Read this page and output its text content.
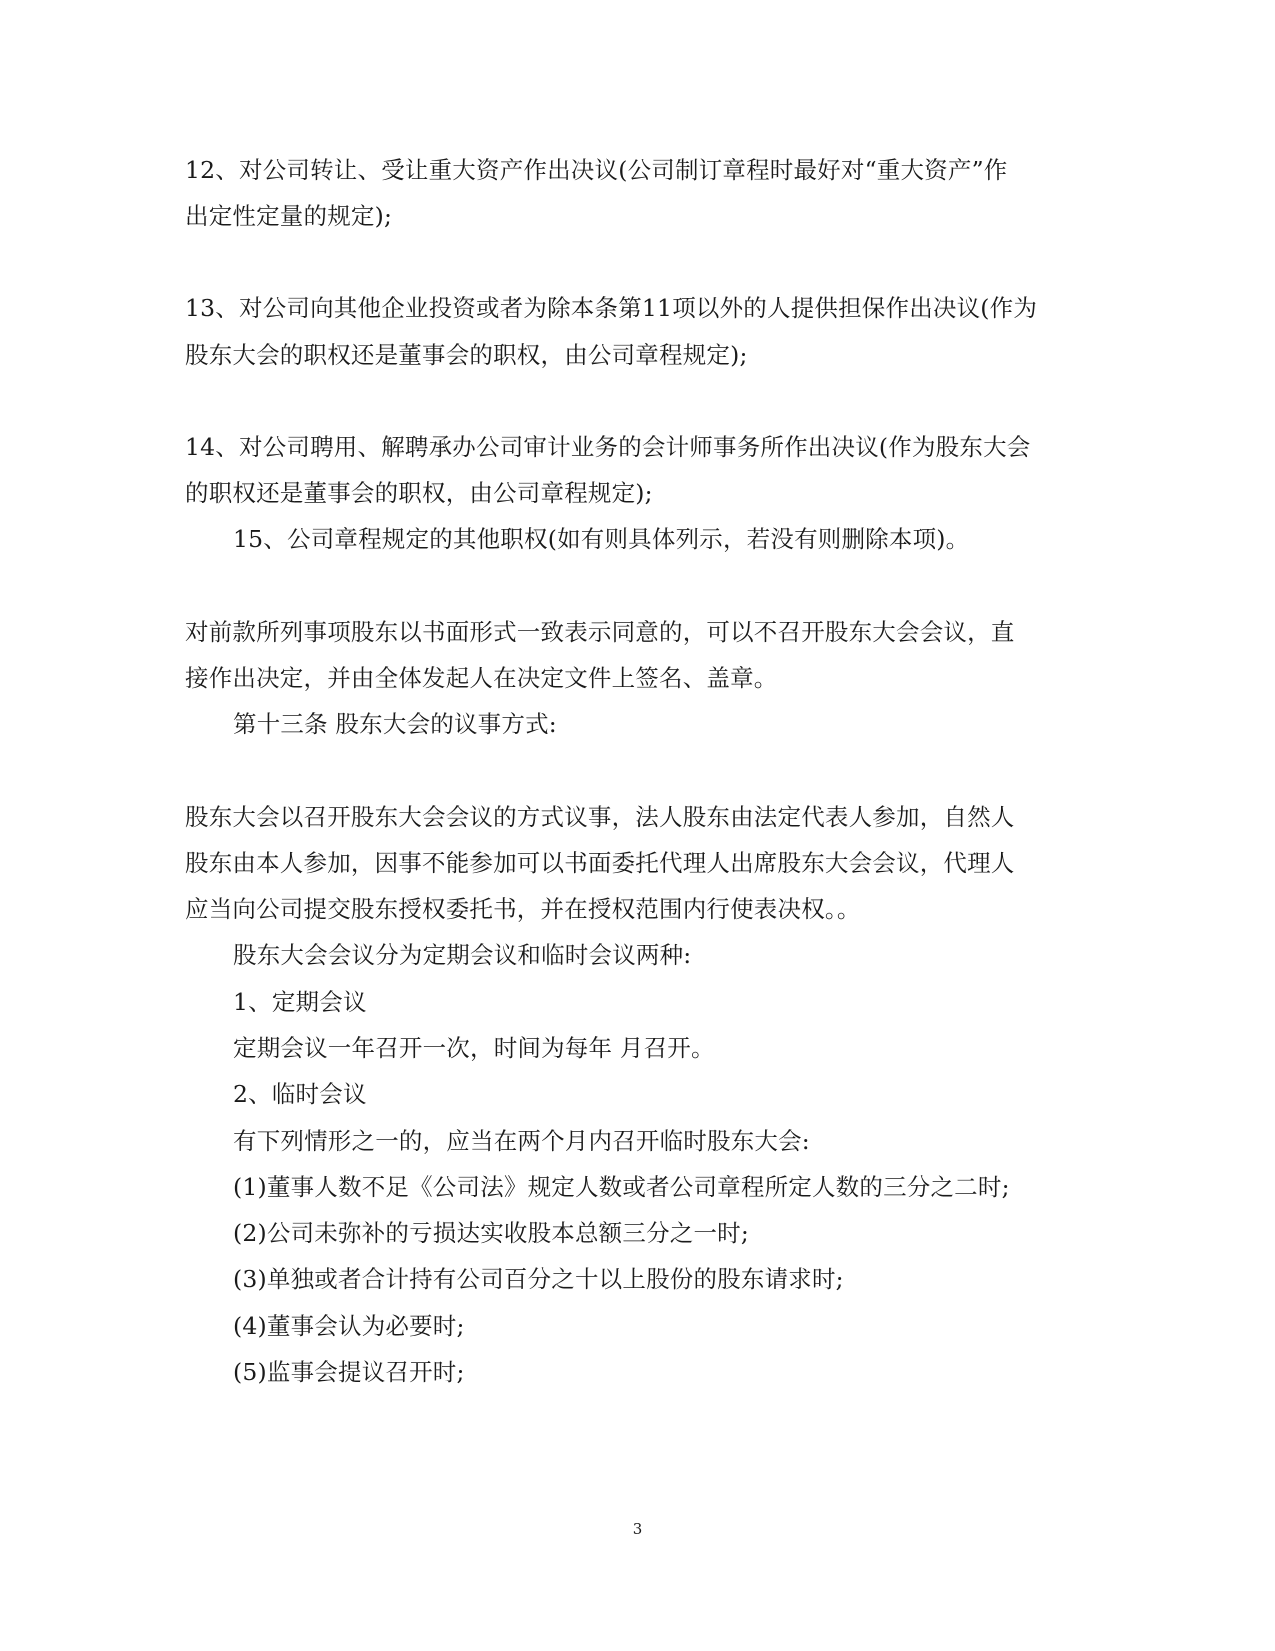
12、对公司转让、受让重大资产作出决议(公司制订章程时最好对“重大资产”作
出定性定量的规定);
13、对公司向其他企业投资或者为除本条第11项以外的人提供担保作出决议(作为
股东大会的职权还是董事会的职权，由公司章程规定);
14、对公司聘用、解聘承办公司审计业务的会计师事务所作出决议(作为股东大会
的职权还是董事会的职权，由公司章程规定);
15、公司章程规定的其他职权(如有则具体列示，若没有则删除本项)。
对前款所列事项股东以书面形式一致表示同意的，可以不召开股东大会会议，直
接作出决定，并由全体发起人在决定文件上签名、盖章。
第十三条 股东大会的议事方式:
股东大会以召开股东大会会议的方式议事，法人股东由法定代表人参加，自然人
股东由本人参加，因事不能参加可以书面委托代理人出席股东大会会议，代理人
应当向公司提交股东授权委托书，并在授权范围内行使表决权。。
股东大会会议分为定期会议和临时会议两种:
1、定期会议
定期会议一年召开一次，时间为每年 月召开。
2、临时会议
有下列情形之一的，应当在两个月内召开临时股东大会:
(1)董事人数不足《公司法》规定人数或者公司章程所定人数的三分之二时;
(2)公司未弥补的亏损达实收股本总额三分之一时;
(3)单独或者合计持有公司百分之十以上股份的股东请求时;
(4)董事会认为必要时;
(5)监事会提议召开时;
3
